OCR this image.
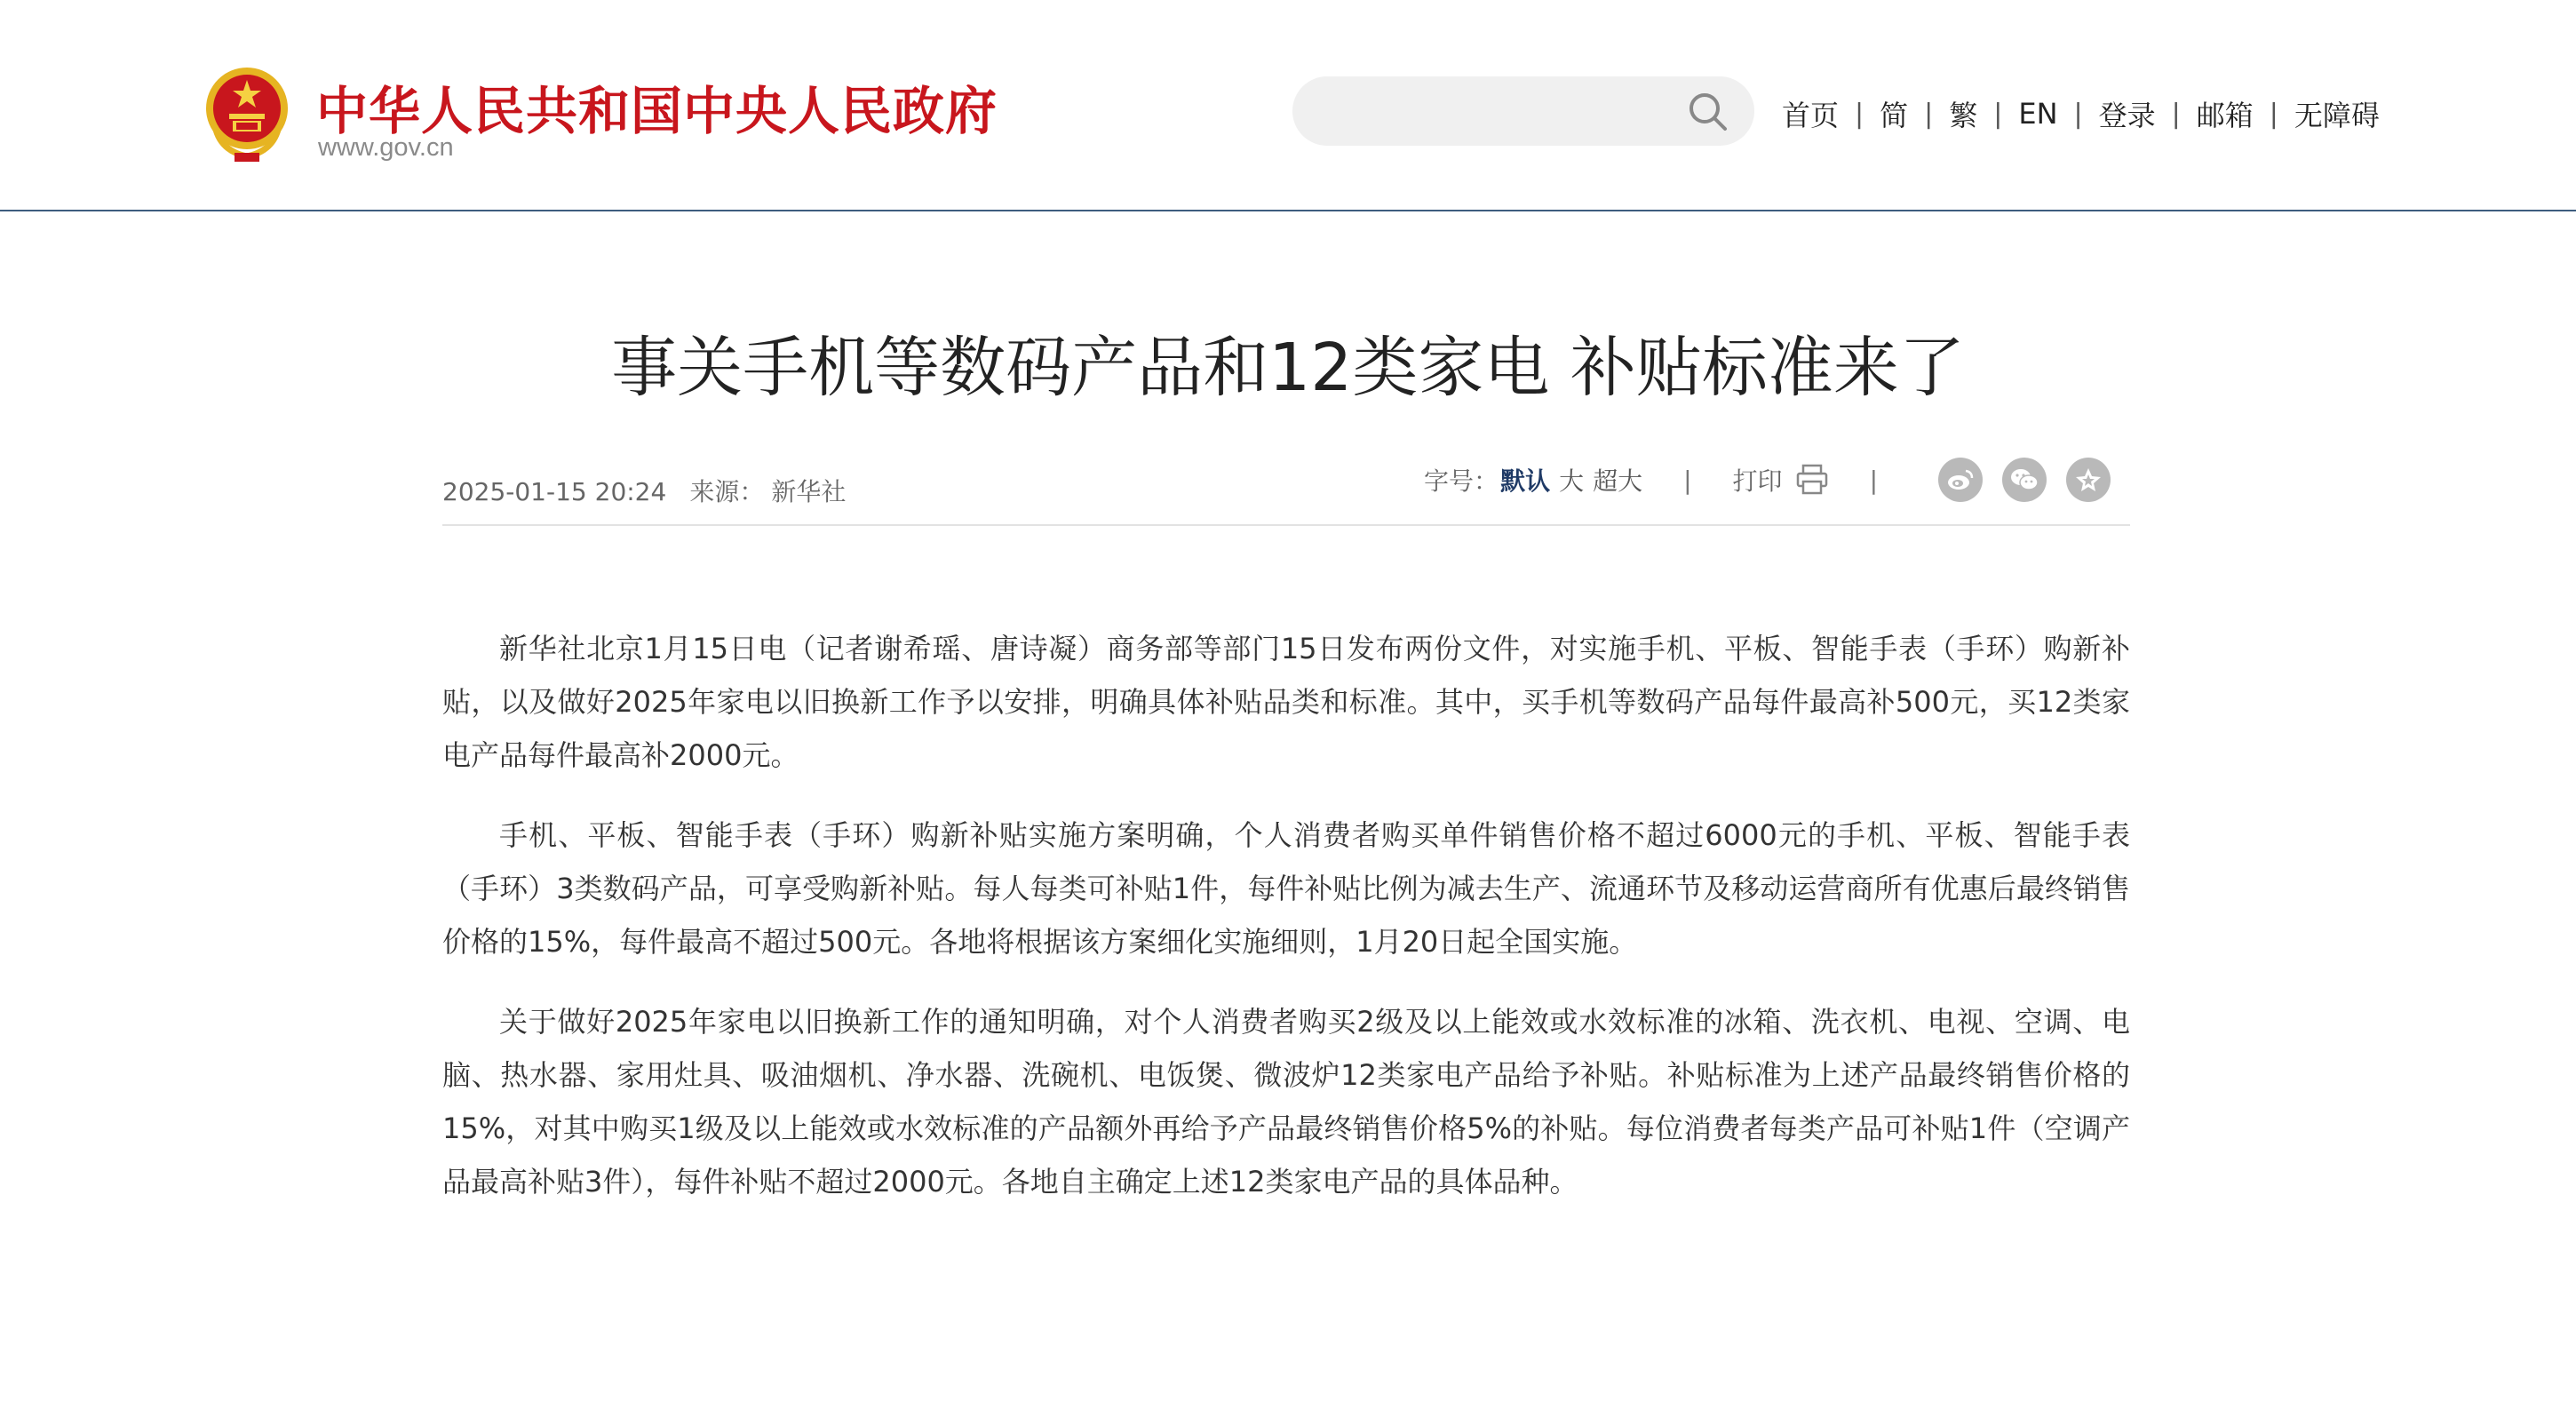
中华人民共和国中央人民政府
www.gov.cn
首页 | 简 | 繁 | EN | 登录 | 邮箱 | 无障碍
事关手机等数码产品和12类家电 补贴标准来了
2025-01-15 20:24 来源： 新华社	字号： 默认 大 超大 | 打印	|

新华社北京1月15日电（记者谢希瑶、唐诗凝）商务部等部门15日发布两份文件，对实施手机、平板、智能手表（手环）购新补贴，以及做好2025年家电以旧换新工作予以安排，明确具体补贴品类和标准。其中，买手机等数码产品每件最高补500元，买12类家电产品每件最高补2000元。

手机、平板、智能手表（手环）购新补贴实施方案明确，个人消费者购买单件销售价格不超过6000元的手机、平板、智能手表（手环）3类数码产品，可享受购新补贴。每人每类可补贴1件，每件补贴比例为减去生产、流通环节及移动运营商所有优惠后最终销售价格的15%，每件最高不超过500元。各地将根据该方案细化实施细则，1月20日起全国实施。

关于做好2025年家电以旧换新工作的通知明确，对个人消费者购买2级及以上能效或水效标准的冰箱、洗衣机、电视、空调、电脑、热水器、家用灶具、吸油烟机、净水器、洗碗机、电饭煲、微波炉12类家电产品给予补贴。补贴标准为上述产品最终销售价格的15%，对其中购买1级及以上能效或水效标准的产品额外再给予产品最终销售价格5%的补贴。每位消费者每类产品可补贴1件（空调产品最高补贴3件），每件补贴不超过2000元。各地自主确定上述12类家电产品的具体品种。
